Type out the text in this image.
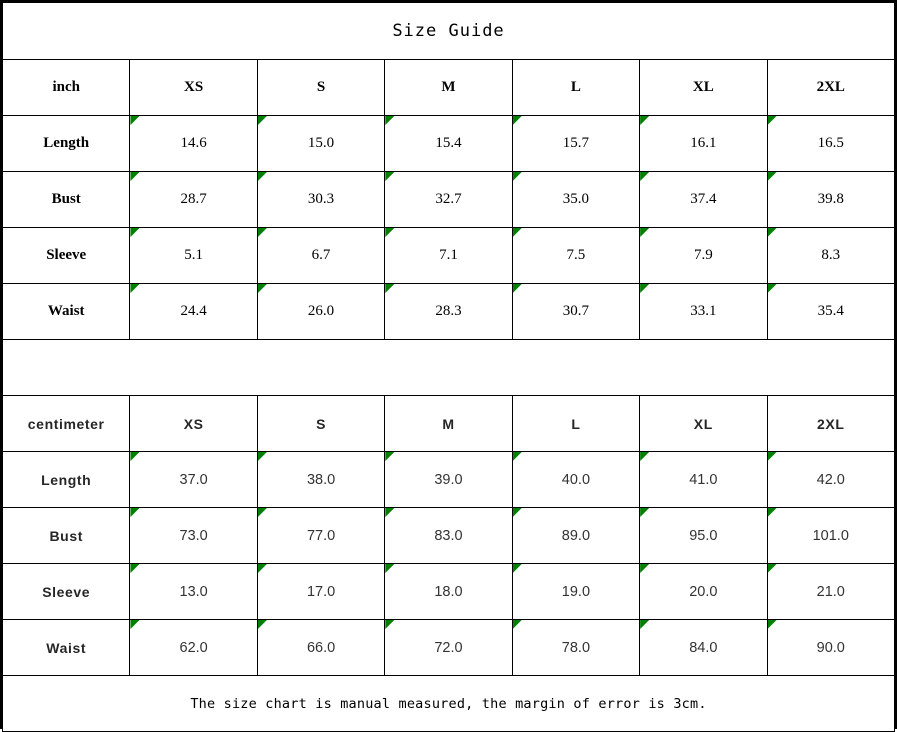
Size Guide						
inch	XS	S	M	L	XL	2XL
Length	14.6	15.0	15.4	15.7	16.1	16.5
Bust	28.7	30.3	32.7	35.0	37.4	39.8
Sleeve	5.1	6.7	7.1	7.5	7.9	8.3
Waist	24.4	26.0	28.3	30.7	33.1	35.4

centimeter	XS	S	M	L	XL	2XL
Length	37.0	38.0	39.0	40.0	41.0	42.0
Bust	73.0	77.0	83.0	89.0	95.0	101.0
Sleeve	13.0	17.0	18.0	19.0	20.0	21.0
Waist	62.0	66.0	72.0	78.0	84.0	90.0
The size chart is manual measured, the margin of error is 3cm.						
